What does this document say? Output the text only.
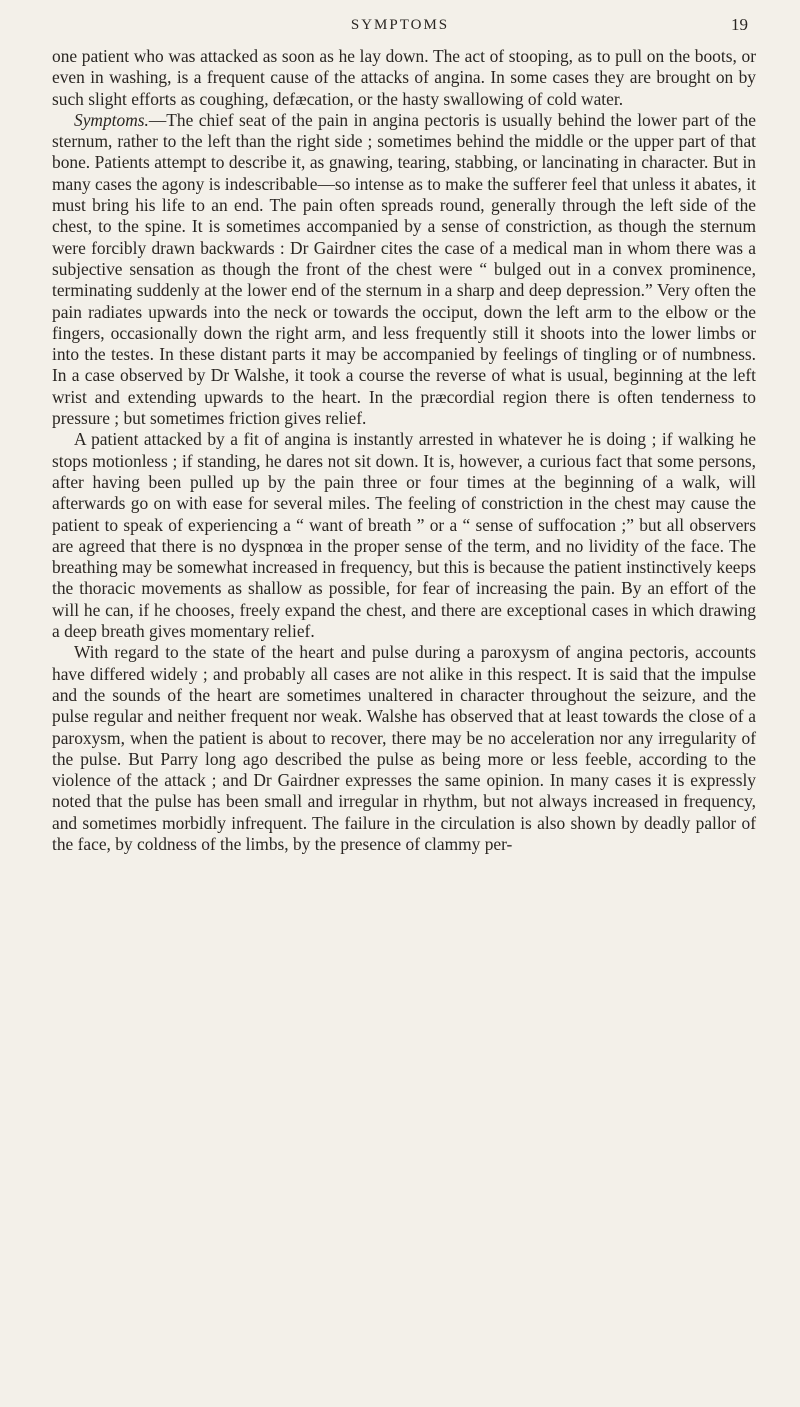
SYMPTOMS	19

one patient who was attacked as soon as he lay down. The act of stooping, as to pull on the boots, or even in washing, is a frequent cause of the attacks of angina. In some cases they are brought on by such slight efforts as coughing, defæcation, or the hasty swallowing of cold water.

Symptoms.—The chief seat of the pain in angina pectoris is usually behind the lower part of the sternum, rather to the left than the right side ; sometimes behind the middle or the upper part of that bone. Patients attempt to describe it, as gnawing, tearing, stabbing, or lancinating in character. But in many cases the agony is indescribable—so intense as to make the sufferer feel that unless it abates, it must bring his life to an end. The pain often spreads round, generally through the left side of the chest, to the spine. It is sometimes accompanied by a sense of constriction, as though the sternum were forcibly drawn backwards : Dr Gairdner cites the case of a medical man in whom there was a subjective sensation as though the front of the chest were “ bulged out in a convex prominence, terminating suddenly at the lower end of the sternum in a sharp and deep depression.” Very often the pain radiates upwards into the neck or towards the occiput, down the left arm to the elbow or the fingers, occasionally down the right arm, and less frequently still it shoots into the lower limbs or into the testes. In these distant parts it may be accompanied by feelings of tingling or of numbness. In a case observed by Dr Walshe, it took a course the reverse of what is usual, beginning at the left wrist and extending upwards to the heart. In the præcordial region there is often tenderness to pressure ; but sometimes friction gives relief.

A patient attacked by a fit of angina is instantly arrested in whatever he is doing ; if walking he stops motionless ; if standing, he dares not sit down. It is, however, a curious fact that some persons, after having been pulled up by the pain three or four times at the beginning of a walk, will afterwards go on with ease for several miles. The feeling of constriction in the chest may cause the patient to speak of experiencing a “ want of breath ” or a “ sense of suffocation ;” but all observers are agreed that there is no dyspnœa in the proper sense of the term, and no lividity of the face. The breathing may be somewhat increased in frequency, but this is because the patient instinctively keeps the thoracic movements as shallow as possible, for fear of increasing the pain. By an effort of the will he can, if he chooses, freely expand the chest, and there are exceptional cases in which drawing a deep breath gives momentary relief.

With regard to the state of the heart and pulse during a paroxysm of angina pectoris, accounts have differed widely ; and probably all cases are not alike in this respect. It is said that the impulse and the sounds of the heart are sometimes unaltered in character throughout the seizure, and the pulse regular and neither frequent nor weak. Walshe has observed that at least towards the close of a paroxysm, when the patient is about to recover, there may be no acceleration nor any irregularity of the pulse. But Parry long ago described the pulse as being more or less feeble, according to the violence of the attack ; and Dr Gairdner expresses the same opinion. In many cases it is expressly noted that the pulse has been small and irregular in rhythm, but not always increased in frequency, and sometimes morbidly infrequent. The failure in the circulation is also shown by deadly pallor of the face, by coldness of the limbs, by the presence of clammy per-
